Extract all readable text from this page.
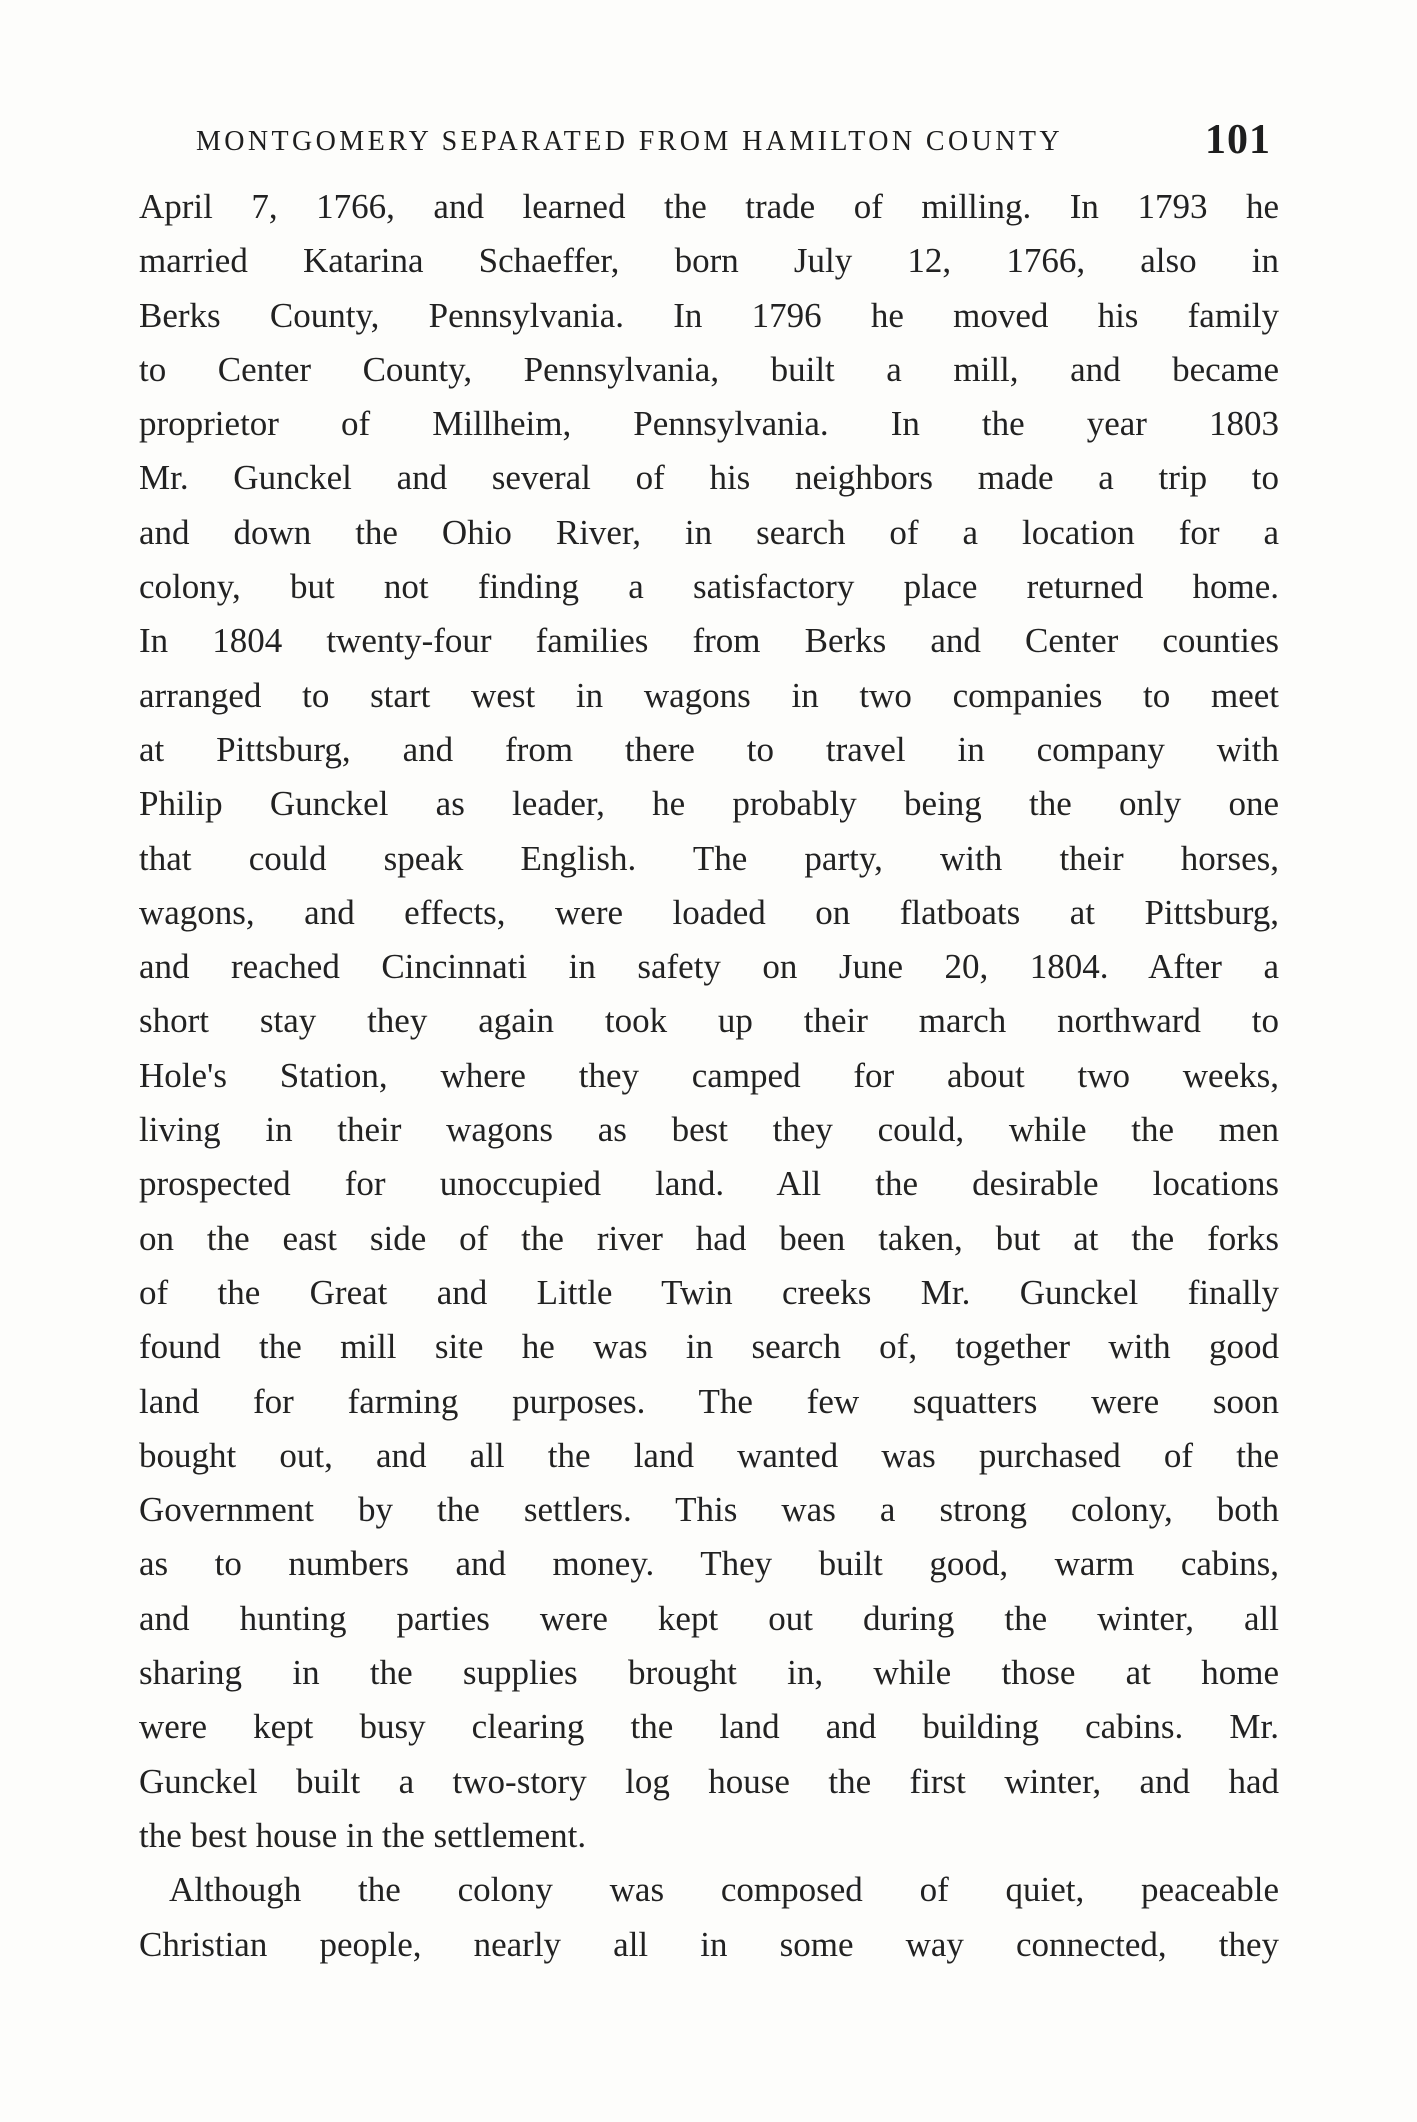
MONTGOMERY SEPARATED FROM HAMILTON COUNTY	101
April 7, 1766, and learned the trade of milling. In 1793 he
married Katarina Schaeffer, born July 12, 1766, also in
Berks County, Pennsylvania. In 1796 he moved his family
to Center County, Pennsylvania, built a mill, and became
proprietor of Millheim, Pennsylvania. In the year 1803
Mr. Gunckel and several of his neighbors made a trip to
and down the Ohio River, in search of a location for a
colony, but not finding a satisfactory place returned home.
In 1804 twenty-four families from Berks and Center counties
arranged to start west in wagons in two companies to meet
at Pittsburg, and from there to travel in company with
Philip Gunckel as leader, he probably being the only one
that could speak English. The party, with their horses,
wagons, and effects, were loaded on flatboats at Pittsburg,
and reached Cincinnati in safety on June 20, 1804. After a
short stay they again took up their march northward to
Hole's Station, where they camped for about two weeks,
living in their wagons as best they could, while the men
prospected for unoccupied land. All the desirable locations
on the east side of the river had been taken, but at the forks
of the Great and Little Twin creeks Mr. Gunckel finally
found the mill site he was in search of, together with good
land for farming purposes. The few squatters were soon
bought out, and all the land wanted was purchased of the
Government by the settlers. This was a strong colony, both
as to numbers and money. They built good, warm cabins,
and hunting parties were kept out during the winter, all
sharing in the supplies brought in, while those at home
were kept busy clearing the land and building cabins. Mr.
Gunckel built a two-story log house the first winter, and had
the best house in the settlement.
Although the colony was composed of quiet, peaceable
Christian people, nearly all in some way connected, they
